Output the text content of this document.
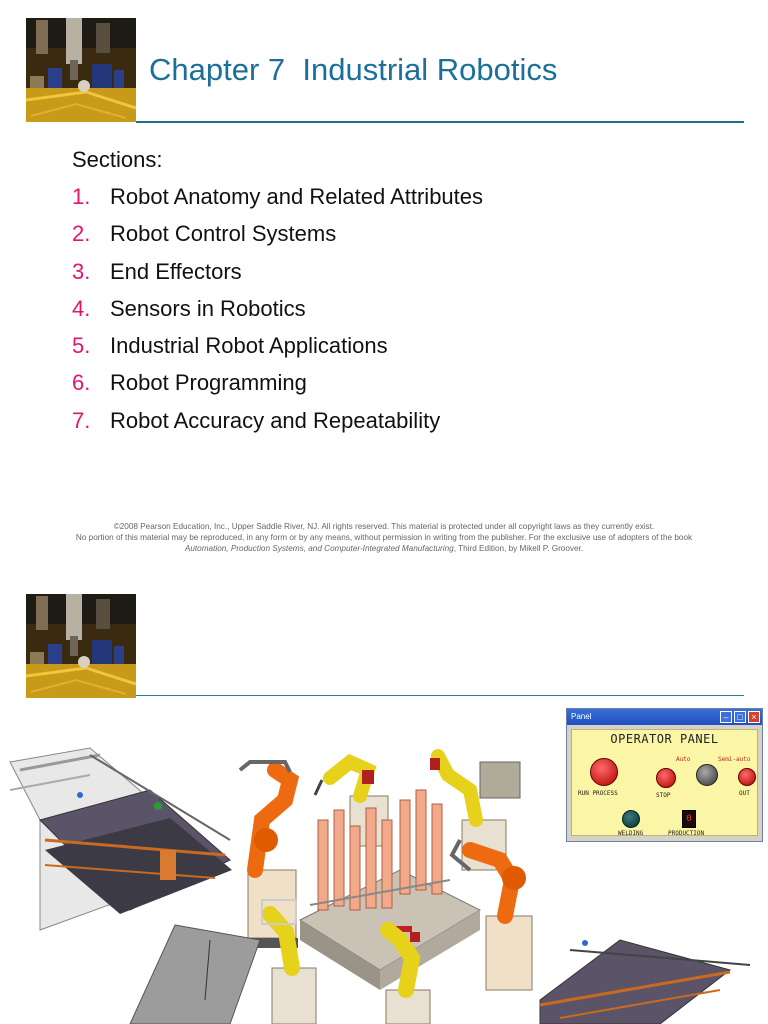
Chapter 7  Industrial Robotics
Sections:
1. Robot Anatomy and Related Attributes
2. Robot Control Systems
3. End Effectors
4. Sensors in Robotics
5. Industrial Robot Applications
6. Robot Programming
7. Robot Accuracy and Repeatability
©2008 Pearson Education, Inc., Upper Saddle River, NJ. All rights reserved. This material is protected under all copyright laws as they currently exist.
No portion of this material may be reproduced, in any form or by any means, without permission in writing from the publisher. For the exclusive use of adopters of the book
Automation, Production Systems, and Computer-Integrated Manufacturing, Third Edition, by Mikell P. Groover.
Panel	– □ ×
OPERATOR PANEL
RUN PROCESS	STOP
Auto	Semi-auto
OUT
WELDING
0
PRODUCTION
